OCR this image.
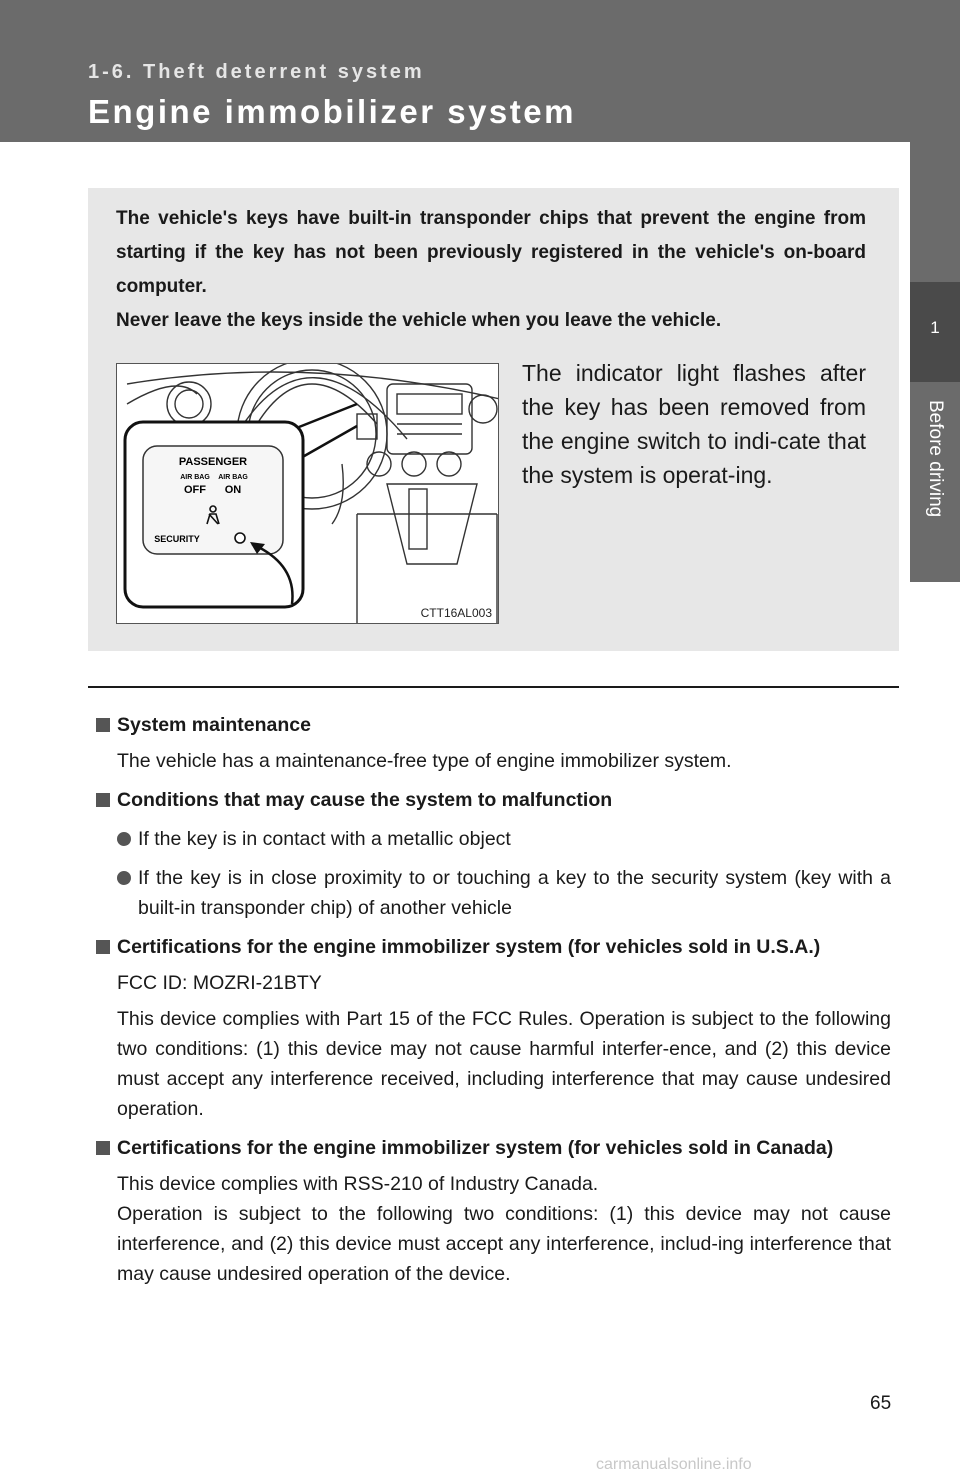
1-6. Theft deterrent system
Engine immobilizer system
1
Before driving

The vehicle's keys have built-in transponder chips that prevent the engine from starting if the key has not been previously registered in the vehicle's on-board computer.

Never leave the keys inside the vehicle when you leave the vehicle.

PASSENGER
AIR BAG AIR BAG
OFF ON
SECURITY
CTT16AL003
The indicator light flashes after the key has been removed from the engine switch to indi-cate that the system is operat-ing.
System maintenance
The vehicle has a maintenance-free type of engine immobilizer system.
Conditions that may cause the system to malfunction
If the key is in contact with a metallic object
If the key is in close proximity to or touching a key to the security system (key with a built-in transponder chip) of another vehicle
Certifications for the engine immobilizer system (for vehicles sold in U.S.A.)
FCC ID: MOZRI-21BTY
This device complies with Part 15 of the FCC Rules. Operation is subject to the following two conditions: (1) this device may not cause harmful interfer-ence, and (2) this device must accept any interference received, including interference that may cause undesired operation.
Certifications for the engine immobilizer system (for vehicles sold in Canada)
This device complies with RSS-210 of Industry Canada.
Operation is subject to the following two conditions: (1) this device may not cause interference, and (2) this device must accept any interference, includ-ing interference that may cause undesired operation of the device.
65
carmanualsonline.info
